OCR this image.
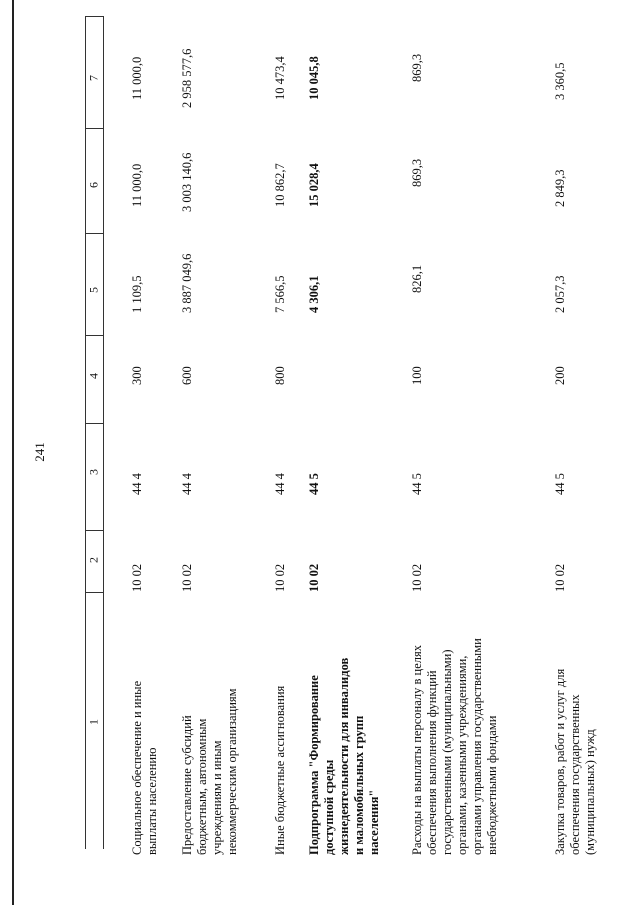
241
1
2
3
4
5
6
7
Социальное обеспечение и иные выплаты населению
10 02
44 4
300
1 109,5
11 000,0
11 000,0
Предоставление субсидий бюджетным, автономным учреждениям и иным некоммерческим организациям
10 02
44 4
600
3 887 049,6
3 003 140,6
2 958 577,6
Иные бюджетные ассигнования
10 02
44 4
800
7 566,5
10 862,7
10 473,4
Подпрограмма "Формирование доступной среды жизнедеятельности для инвалидов и маломобильных групп населения"
10 02
44 5
4 306,1
15 028,4
10 045,8
Расходы на выплаты персоналу в целях обеспечения выполнения функций государственными (муниципальными) органами, казенными учреждениями, органами управления государственными внебюджетными фондами
10 02
44 5
100
826,1
869,3
869,3
Закупка товаров, работ и услуг для обеспечения государственных (муниципальных) нужд
10 02
44 5
200
2 057,3
2 849,3
3 360,5
